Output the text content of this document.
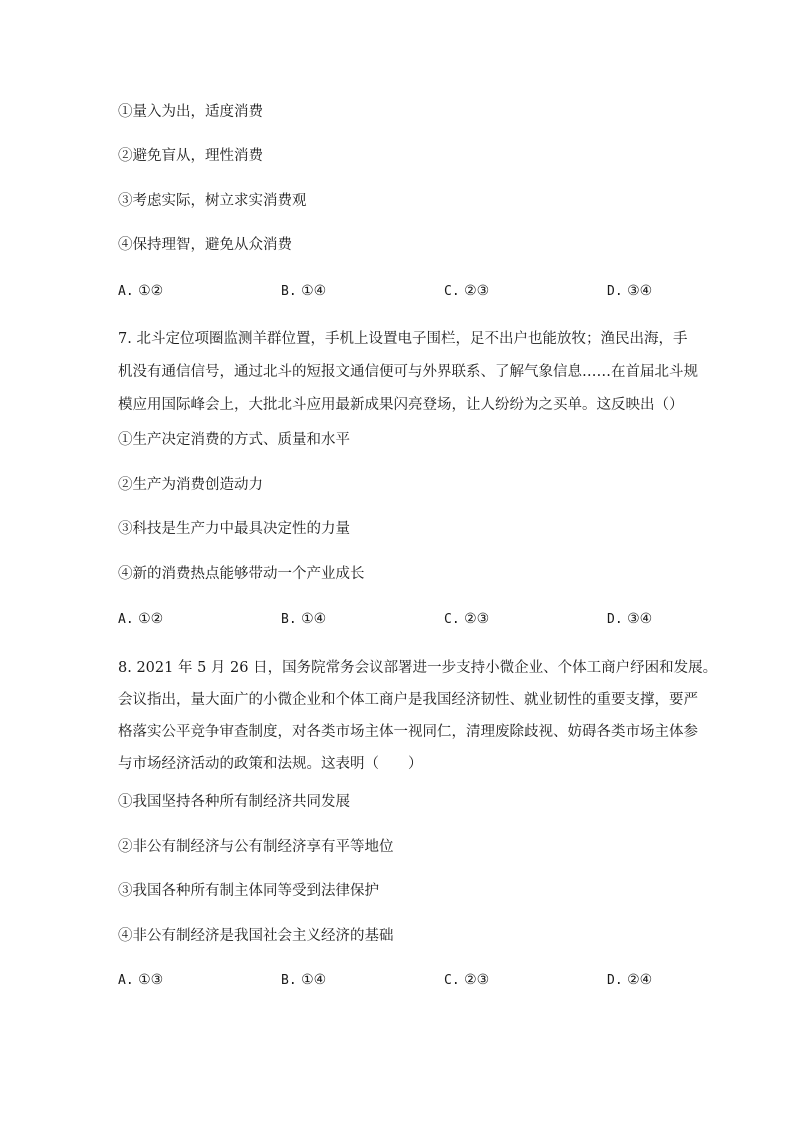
①量入为出，适度消费
②避免盲从，理性消费
③考虑实际，树立求实消费观
④保持理智，避免从众消费
A. ①②	B. ①④	C. ②③	D. ③④
7. 北斗定位项圈监测羊群位置，手机上设置电子围栏，足不出户也能放牧；渔民出海，手
机没有通信信号，通过北斗的短报文通信便可与外界联系、了解气象信息……在首届北斗规
模应用国际峰会上，大批北斗应用最新成果闪亮登场，让人纷纷为之买单。这反映出（）
①生产决定消费的方式、质量和水平
②生产为消费创造动力
③科技是生产力中最具决定性的力量
④新的消费热点能够带动一个产业成长
A. ①②	B. ①④	C. ②③	D. ③④
8. 2021 年 5 月 26 日，国务院常务会议部署进一步支持小微企业、个体工商户纾困和发展。
会议指出，量大面广的小微企业和个体工商户是我国经济韧性、就业韧性的重要支撑，要严
格落实公平竞争审查制度，对各类市场主体一视同仁，清理废除歧视、妨碍各类市场主体参
与市场经济活动的政策和法规。这表明（　　）
①我国坚持各种所有制经济共同发展
②非公有制经济与公有制经济享有平等地位
③我国各种所有制主体同等受到法律保护
④非公有制经济是我国社会主义经济的基础
A. ①③	B. ①④	C. ②③	D. ②④
